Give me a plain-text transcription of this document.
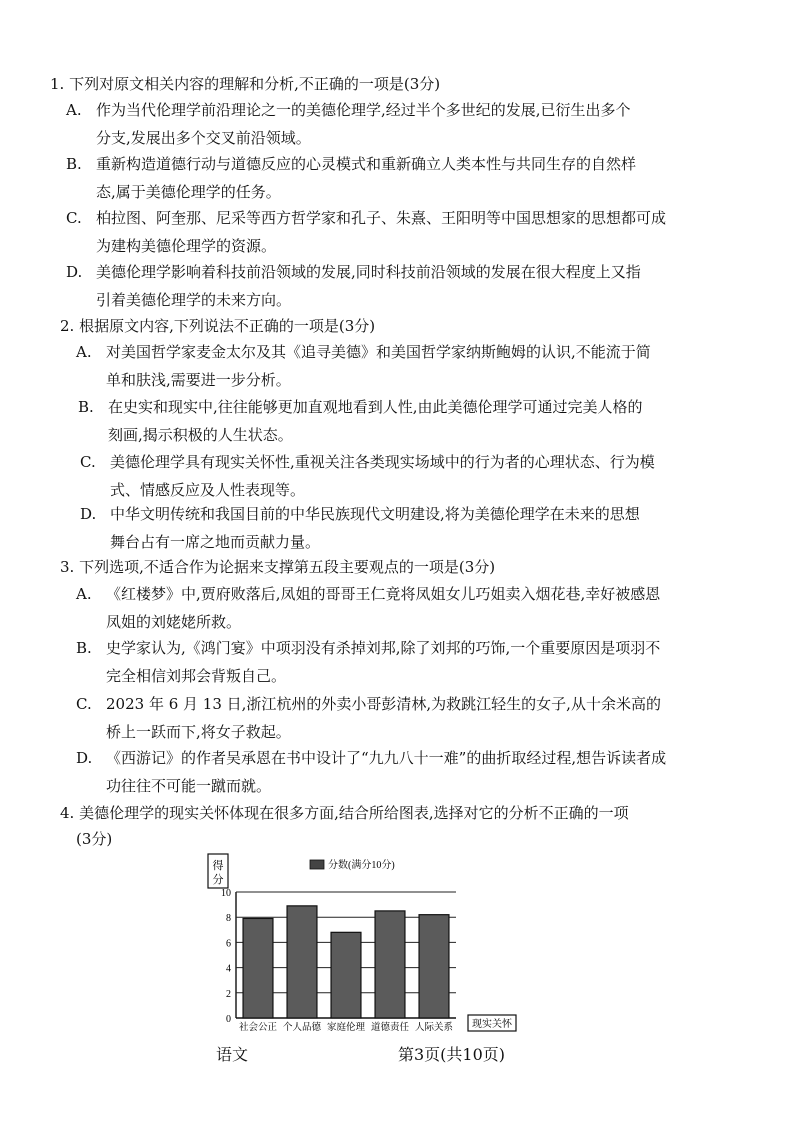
1. 下列对原文相关内容的理解和分析,不正确的一项是(3分)
A. 作为当代伦理学前沿理论之一的美德伦理学,经过半个多世纪的发展,已衍生出多个
分支,发展出多个交叉前沿领域。
B. 重新构造道德行动与道德反应的心灵模式和重新确立人类本性与共同生存的自然样
态,属于美德伦理学的任务。
C. 柏拉图、阿奎那、尼采等西方哲学家和孔子、朱熹、王阳明等中国思想家的思想都可成
为建构美德伦理学的资源。
D. 美德伦理学影响着科技前沿领域的发展,同时科技前沿领域的发展在很大程度上又指
引着美德伦理学的未来方向。
2. 根据原文内容,下列说法不正确的一项是(3分)
A. 对美国哲学家麦金太尔及其《追寻美德》和美国哲学家纳斯鲍姆的认识,不能流于简
单和肤浅,需要进一步分析。
B. 在史实和现实中,往往能够更加直观地看到人性,由此美德伦理学可通过完美人格的
刻画,揭示积极的人生状态。
C. 美德伦理学具有现实关怀性,重视关注各类现实场域中的行为者的心理状态、行为模
式、情感反应及人性表现等。
D. 中华文明传统和我国目前的中华民族现代文明建设,将为美德伦理学在未来的思想
舞台占有一席之地而贡献力量。
3. 下列选项,不适合作为论据来支撑第五段主要观点的一项是(3分)
A. 《红楼梦》中,贾府败落后,凤姐的哥哥王仁竟将凤姐女儿巧姐卖入烟花巷,幸好被感恩
凤姐的刘姥姥所救。
B. 史学家认为,《鸿门宴》中项羽没有杀掉刘邦,除了刘邦的巧饰,一个重要原因是项羽不
完全相信刘邦会背叛自己。
C. 2023 年 6 月 13 日,浙江杭州的外卖小哥彭清林,为救跳江轻生的女子,从十余米高的
桥上一跃而下,将女子救起。
D. 《西游记》的作者吴承恩在书中设计了“九九八十一难”的曲折取经过程,想告诉读者成
功往往不可能一蹴而就。
4. 美德伦理学的现实关怀体现在很多方面,结合所给图表,选择对它的分析不正确的一项
(3分)
得
分
分数(满分10分)
现实关怀
0
2
4
6
8
10
社会公正 个人品德 家庭伦理 道德责任 人际关系
语文	第3页(共10页)
